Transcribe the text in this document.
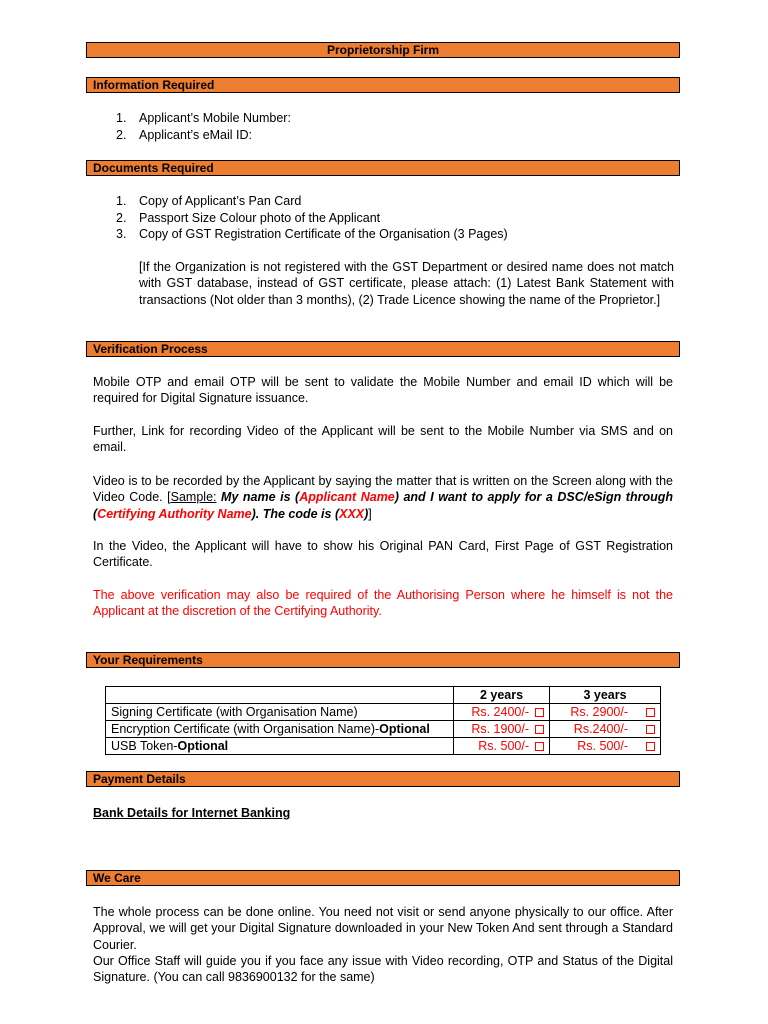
Proprietorship Firm
Information Required
1. Applicant’s Mobile Number:
2. Applicant’s eMail ID:
Documents Required
1. Copy of Applicant’s Pan Card
2. Passport Size Colour photo of the Applicant
3. Copy of GST Registration Certificate of the Organisation (3 Pages)

[If the Organization is not registered with the GST Department or desired name does not match with GST database, instead of GST certificate, please attach: (1) Latest Bank Statement with transactions (Not older than 3 months), (2) Trade Licence showing the name of the Proprietor.]

Verification Process

Mobile OTP and email OTP will be sent to validate the Mobile Number and email ID which will be required for Digital Signature issuance.

Further, Link for recording Video of the Applicant will be sent to the Mobile Number via SMS and on email.

Video is to be recorded by the Applicant by saying the matter that is written on the Screen along with the Video Code. [Sample: My name is (Applicant Name) and I want to apply for a DSC/eSign through (Certifying Authority Name). The code is (XXX)]

In the Video, the Applicant will have to show his Original PAN Card, First Page of GST Registration Certificate.

The above verification may also be required of the Authorising Person where he himself is not the Applicant at the discretion of the Certifying Authority.

Your Requirements
	2 years	3 years
Signing Certificate (with Organisation Name)	Rs. 2400/-	Rs. 2900/-
Encryption Certificate (with Organisation Name)-Optional	Rs. 1900/-	Rs.2400/-
USB Token-Optional	Rs. 500/-	Rs. 500/-
Payment Details

Bank Details for Internet Banking

We Care

The whole process can be done online. You need not visit or send anyone physically to our office. After Approval, we will get your Digital Signature downloaded in your New Token And sent through a Standard Courier.

Our Office Staff will guide you if you face any issue with Video recording, OTP and Status of the Digital Signature. (You can call 9836900132 for the same)
